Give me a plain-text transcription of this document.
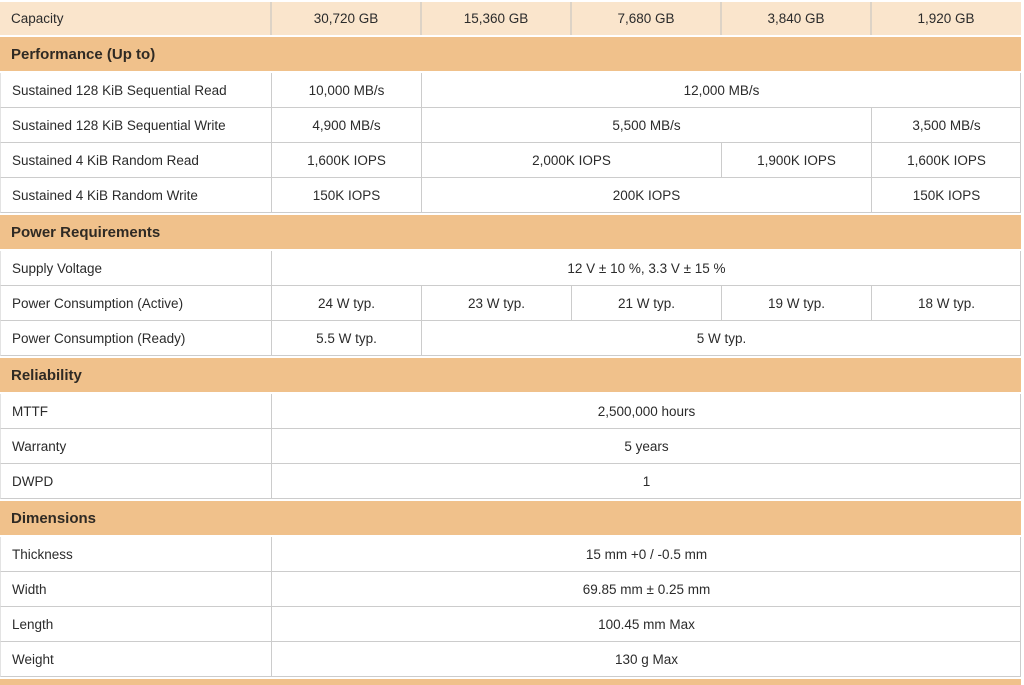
Capacity	30,720 GB	15,360 GB	7,680 GB	3,840 GB	1,920 GB
Performance (Up to)
Sustained 128 KiB Sequential Read	10,000 MB/s	12,000 MB/s
Sustained 128 KiB Sequential Write	4,900 MB/s	5,500 MB/s	3,500 MB/s
Sustained 4 KiB Random Read	1,600K IOPS	2,000K IOPS	1,900K IOPS	1,600K IOPS
Sustained 4 KiB Random Write	150K IOPS	200K IOPS	150K IOPS
Power Requirements
Supply Voltage	12 V ± 10 %, 3.3 V ± 15 %
Power Consumption (Active)	24 W typ.	23 W typ.	21 W typ.	19 W typ.	18 W typ.
Power Consumption (Ready)	5.5 W typ.	5 W typ.
Reliability
MTTF	2,500,000 hours
Warranty	5 years
DWPD	1
Dimensions
Thickness	15 mm +0 / -0.5 mm
Width	69.85 mm ± 0.25 mm
Length	100.45 mm Max
Weight	130 g Max
